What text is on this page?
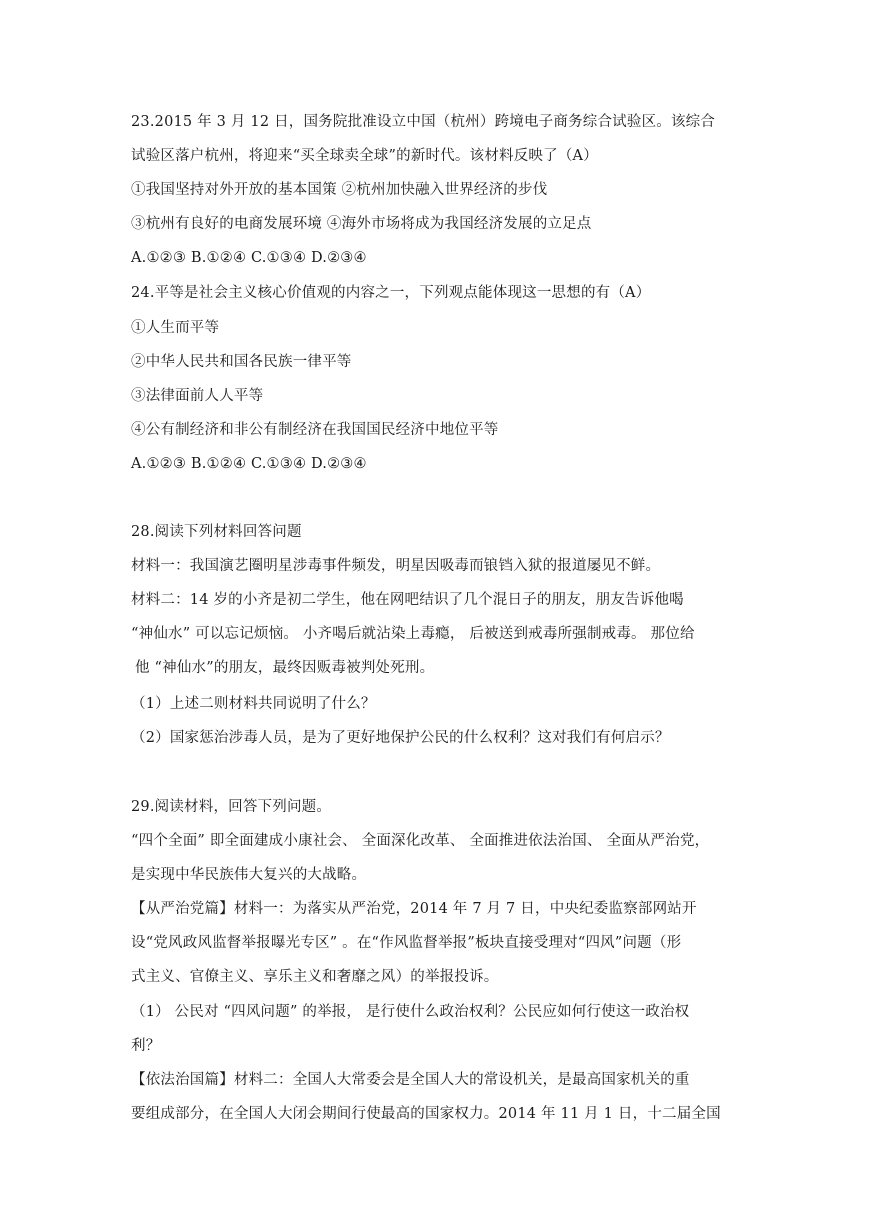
23.2015 年 3 月 12 日，国务院批准设立中国（杭州）跨境电子商务综合试验区。该综合
试验区落户杭州，将迎来“买全球卖全球”的新时代。该材料反映了（A）
①我国坚持对外开放的基本国策 ②杭州加快融入世界经济的步伐
③杭州有良好的电商发展环境 ④海外市场将成为我国经济发展的立足点
A.①②③ B.①②④ C.①③④ D.②③④
24.平等是社会主义核心价值观的内容之一，下列观点能体现这一思想的有（A）
①人生而平等
②中华人民共和国各民族一律平等
③法律面前人人平等
④公有制经济和非公有制经济在我国国民经济中地位平等
A.①②③ B.①②④ C.①③④ D.②③④
28.阅读下列材料回答问题
材料一：我国演艺圈明星涉毒事件频发，明星因吸毒而锒铛入狱的报道屡见不鲜。
材料二：14 岁的小齐是初二学生，他在网吧结识了几个混日子的朋友，朋友告诉他喝
“神仙水” 可以忘记烦恼。 小齐喝后就沾染上毒瘾， 后被送到戒毒所强制戒毒。 那位给
他 “神仙水”的朋友，最终因贩毒被判处死刑。
（1）上述二则材料共同说明了什么？
（2）国家惩治涉毒人员，是为了更好地保护公民的什么权利？这对我们有何启示？
29.阅读材料，回答下列问题。
“四个全面” 即全面建成小康社会、 全面深化改革、 全面推进依法治国、 全面从严治党，
是实现中华民族伟大复兴的大战略。
【从严治党篇】材料一：为落实从严治党，2014 年 7 月 7 日，中央纪委监察部网站开
设“党风政风监督举报曝光专区” 。在“作风监督举报”板块直接受理对“四风”问题（形
式主义、官僚主义、享乐主义和奢靡之风）的举报投诉。
（1） 公民对 “四风问题” 的举报， 是行使什么政治权利？公民应如何行使这一政治权
利？
【依法治国篇】材料二：全国人大常委会是全国人大的常设机关，是最高国家机关的重
要组成部分，在全国人大闭会期间行使最高的国家权力。2014 年 11 月 1 日，十二届全国
